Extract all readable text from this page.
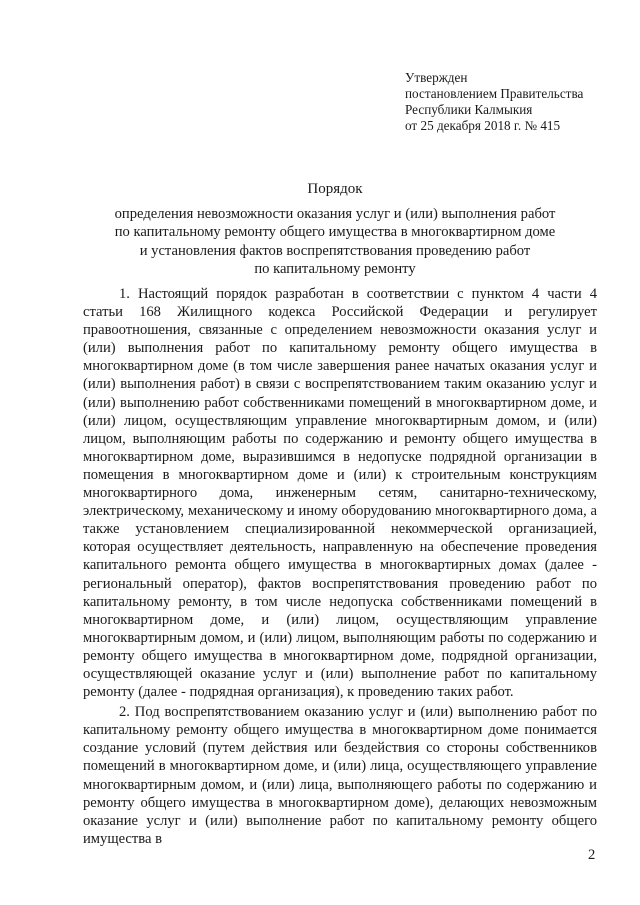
Утвержден
постановлением Правительства
Республики Калмыкия
от 25 декабря 2018 г. № 415
Порядок
определения невозможности оказания услуг и (или) выполнения работ
по капитальному ремонту общего имущества в многоквартирном доме
и установления фактов воспрепятствования проведению работ
по капитальному ремонту

1. Настоящий порядок разработан в соответствии с пунктом 4 части 4 статьи 168 Жилищного кодекса Российской Федерации и регулирует правоотношения, связанные с определением невозможности оказания услуг и (или) выполнения работ по капитальному ремонту общего имущества в многоквартирном доме (в том числе завершения ранее начатых оказания услуг и (или) выполнения работ) в связи с воспрепятствованием таким оказанию услуг и (или) выполнению работ собственниками помещений в многоквартирном доме, и (или) лицом, осуществляющим управление многоквартирным домом, и (или) лицом, выполняющим работы по содержанию и ремонту общего имущества в многоквартирном доме, выразившимся в недопуске подрядной организации в помещения в многоквартирном доме и (или) к строительным конструкциям многоквартирного дома, инженерным сетям, санитарно-техническому, электрическому, механическому и иному оборудованию многоквартирного дома, а также установлением специализированной некоммерческой организацией, которая осуществляет деятельность, направленную на обеспечение проведения капитального ремонта общего имущества в многоквартирных домах (далее - региональный оператор), фактов воспрепятствования проведению работ по капитальному ремонту, в том числе недопуска собственниками помещений в многоквартирном доме, и (или) лицом, осуществляющим управление многоквартирным домом, и (или) лицом, выполняющим работы по содержанию и ремонту общего имущества в многоквартирном доме, подрядной организации, осуществляющей оказание услуг и (или) выполнение работ по капитальному ремонту (далее - подрядная организация), к проведению таких работ.

2. Под воспрепятствованием оказанию услуг и (или) выполнению работ по капитальному ремонту общего имущества в многоквартирном доме понимается создание условий (путем действия или бездействия со стороны собственников помещений в многоквартирном доме, и (или) лица, осуществляющего управление многоквартирным домом, и (или) лица, выполняющего работы по содержанию и ремонту общего имущества в многоквартирном доме), делающих невозможным оказание услуг и (или) выполнение работ по капитальному ремонту общего имущества в

2
